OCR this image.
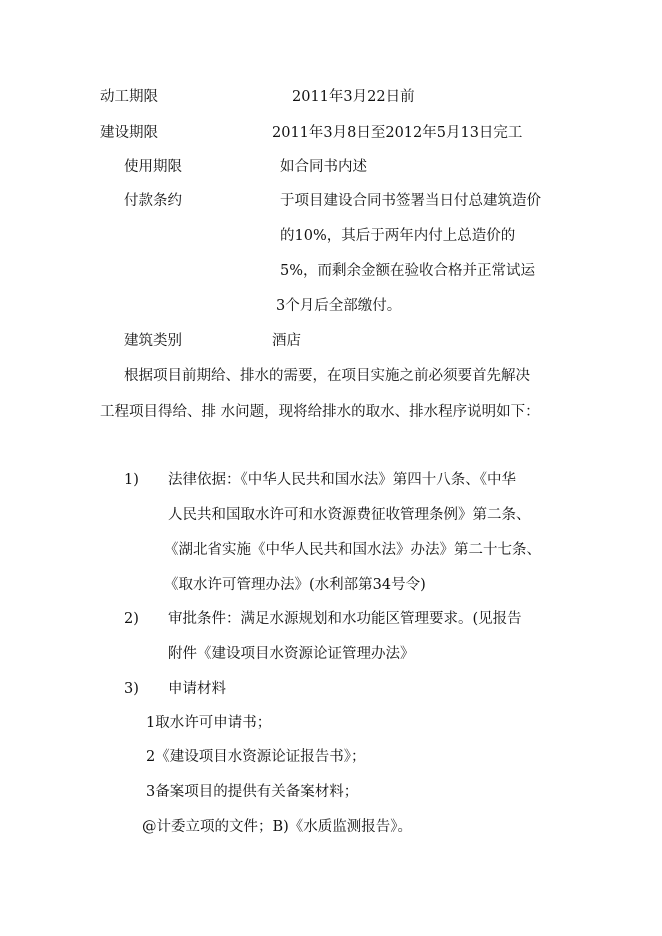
动工期限	2011年3月22日前
建设期限	2011年3月8日至2012年5月13日完工
使用期限	如合同书内述
付款条约	于项目建设合同书签署当日付总建筑造价
的10%，其后于两年内付上总造价的
5%，而剩余金额在验收合格并正常试运
3个月后全部缴付。
建筑类别	酒店
根据项目前期给、排水的需要，在项目实施之前必须要首先解决
工程项目得给、排 水问题，现将给排水的取水、排水程序说明如下：
1) 法律依据：《中华人民共和国水法》第四十八条、《中华
人民共和国取水许可和水资源费征收管理条例》第二条、
《湖北省实施《中华人民共和国水法》办法》第二十七条、
《取水许可管理办法》(水利部第34号令)
2) 审批条件：满足水源规划和水功能区管理要求。(见报告
附件《建设项目水资源论证管理办法》
3) 申请材料
1取水许可申请书；
2《建设项目水资源论证报告书》；
3备案项目的提供有关备案材料；
@计委立项的文件；B)《水质监测报告》。
